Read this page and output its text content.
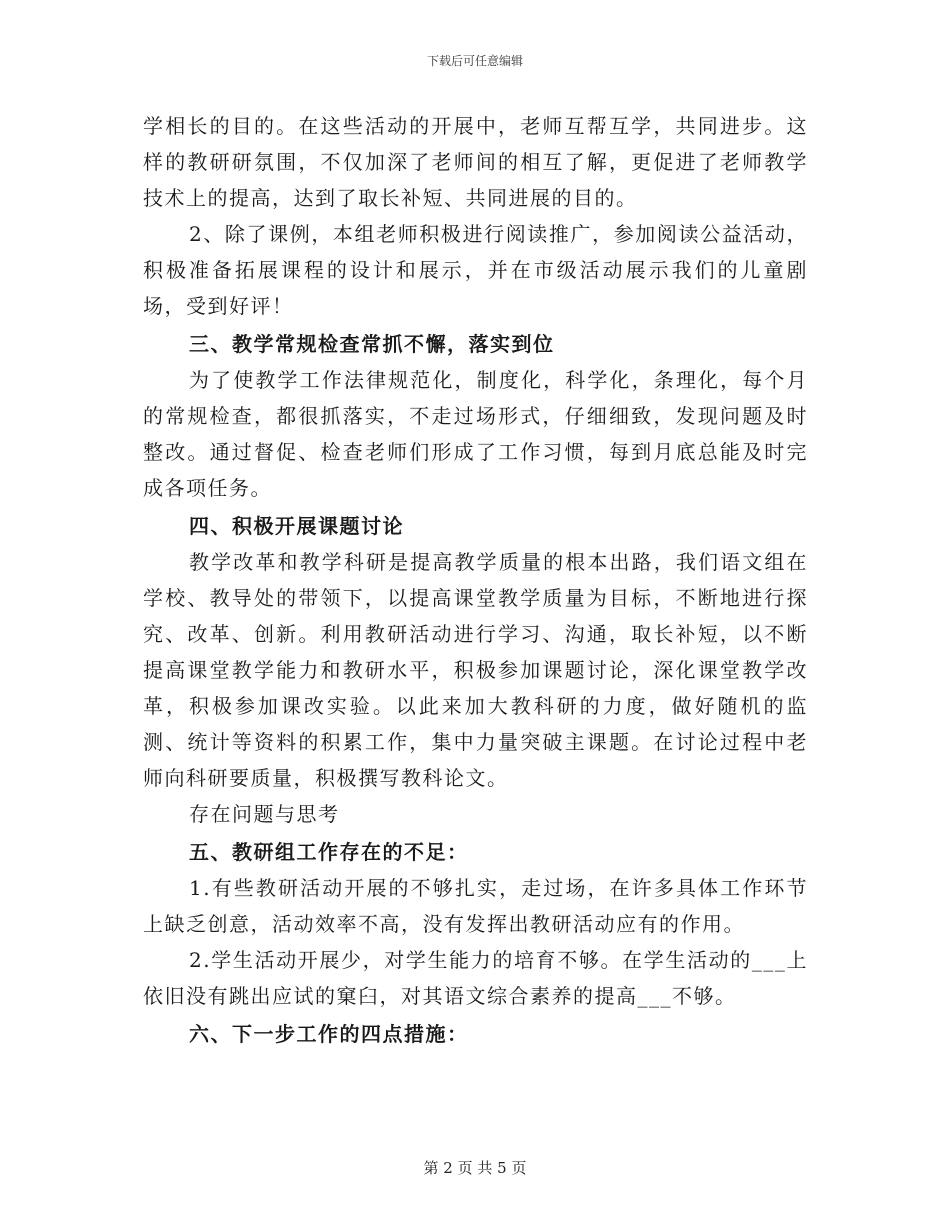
下载后可任意编辑

学相长的目的。在这些活动的开展中，老师互帮互学，共同进步。这样的教研研氛围，不仅加深了老师间的相互了解，更促进了老师教学技术上的提高，达到了取长补短、共同进展的目的。

2、除了课例，本组老师积极进行阅读推广，参加阅读公益活动，积极准备拓展课程的设计和展示，并在市级活动展示我们的儿童剧场，受到好评！

三、教学常规检查常抓不懈，落实到位

为了使教学工作法律规范化，制度化，科学化，条理化，每个月的常规检查，都很抓落实，不走过场形式，仔细细致，发现问题及时整改。通过督促、检查老师们形成了工作习惯，每到月底总能及时完成各项任务。

四、积极开展课题讨论

教学改革和教学科研是提高教学质量的根本出路，我们语文组在学校、教导处的带领下，以提高课堂教学质量为目标，不断地进行探究、改革、创新。利用教研活动进行学习、沟通，取长补短，以不断提高课堂教学能力和教研水平，积极参加课题讨论，深化课堂教学改革，积极参加课改实验。以此来加大教科研的力度，做好随机的监测、统计等资料的积累工作，集中力量突破主课题。在讨论过程中老师向科研要质量，积极撰写教科论文。

存在问题与思考

五、教研组工作存在的不足：

1.有些教研活动开展的不够扎实，走过场，在许多具体工作环节上缺乏创意，活动效率不高，没有发挥出教研活动应有的作用。

2.学生活动开展少，对学生能力的培育不够。在学生活动的___上依旧没有跳出应试的窠臼，对其语文综合素养的提高___不够。

六、下一步工作的四点措施：

第 2 页 共 5 页
